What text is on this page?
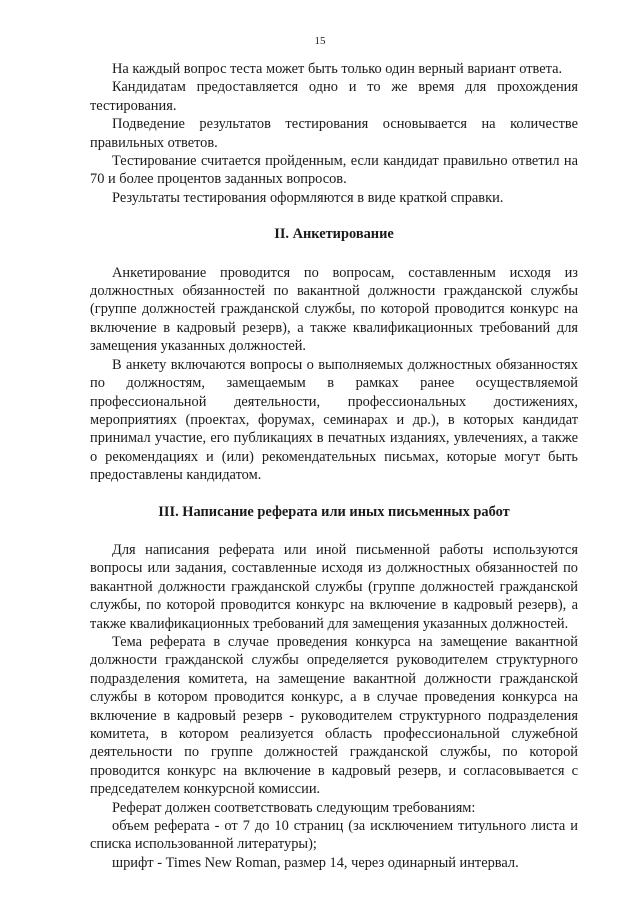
15

На каждый вопрос теста может быть только один верный вариант ответа.

Кандидатам предоставляется одно и то же время для прохождения тестирования.

Подведение результатов тестирования основывается на количестве правильных ответов.

Тестирование считается пройденным, если кандидат правильно ответил на 70 и более процентов заданных вопросов.

Результаты тестирования оформляются в виде краткой справки.

II. Анкетирование

Анкетирование проводится по вопросам, составленным исходя из должностных обязанностей по вакантной должности гражданской службы (группе должностей гражданской службы, по которой проводится конкурс на включение в кадровый резерв), а также квалификационных требований для замещения указанных должностей.

В анкету включаются вопросы о выполняемых должностных обязанностях по должностям, замещаемым в рамках ранее осуществляемой профессиональной деятельности, профессиональных достижениях, мероприятиях (проектах, форумах, семинарах и др.), в которых кандидат принимал участие, его публикациях в печатных изданиях, увлечениях, а также о рекомендациях и (или) рекомендательных письмах, которые могут быть предоставлены кандидатом.

III. Написание реферата или иных письменных работ

Для написания реферата или иной письменной работы используются вопросы или задания, составленные исходя из должностных обязанностей по вакантной должности гражданской службы (группе должностей гражданской службы, по которой проводится конкурс на включение в кадровый резерв), а также квалификационных требований для замещения указанных должностей.

Тема реферата в случае проведения конкурса на замещение вакантной должности гражданской службы определяется руководителем структурного подразделения комитета, на замещение вакантной должности гражданской службы в котором проводится конкурс, а в случае проведения конкурса на включение в кадровый резерв - руководителем структурного подразделения комитета, в котором реализуется область профессиональной служебной деятельности по группе должностей гражданской службы, по которой проводится конкурс на включение в кадровый резерв, и согласовывается с председателем конкурсной комиссии.

Реферат должен соответствовать следующим требованиям:

объем реферата - от 7 до 10 страниц (за исключением титульного листа и списка использованной литературы);

шрифт - Times New Roman, размер 14, через одинарный интервал.
